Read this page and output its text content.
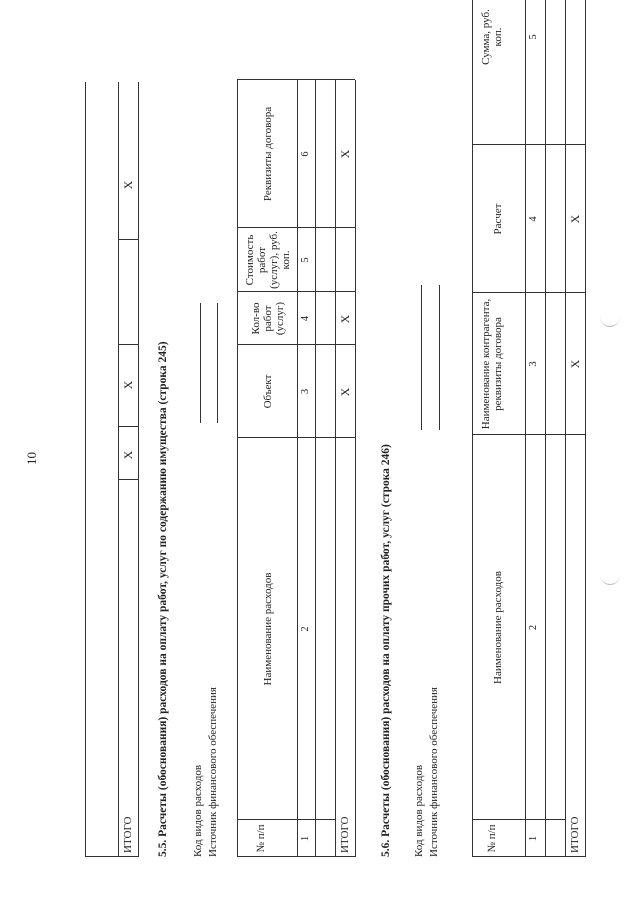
10
ИТОГО
X
X
X
5.5. Расчеты (обоснования) расходов на оплату работ, услуг по содержанию имущества (строка 245) Код видов расходов Источник финансового обеспечения	№ п/п
Наименование расходов
Объект
Кол-во работ (услуг)
Стоимость работ (услуг), руб. коп.
Реквизиты договора
1
2
3
4
5
6
ИТОГО
X
X
X
5.6. Расчеты (обоснования) расходов на оплату прочих работ, услуг (строка 246) Код видов расходов Источник финансового обеспечения	№ п/п
Наименование расходов
Наименование контрагента, реквизиты договора
Расчет
Сумма, руб. коп.
1
2
3
4
5
ИТОГО
X
X
